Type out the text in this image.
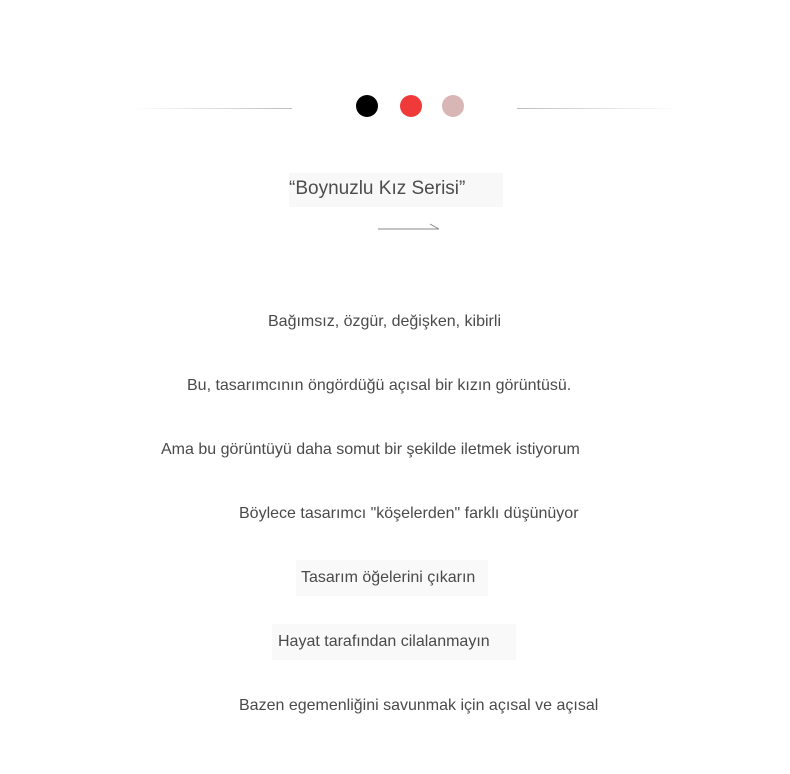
“Boynuzlu Kız Serisi”
Bağımsız, özgür, değişken, kibirli
Bu, tasarımcının öngördüğü açısal bir kızın görüntüsü.
Ama bu görüntüyü daha somut bir şekilde iletmek istiyorum
Böylece tasarımcı "köşelerden" farklı düşünüyor
Tasarım öğelerini çıkarın
Hayat tarafından cilalanmayın
Bazen egemenliğini savunmak için açısal ve açısal
